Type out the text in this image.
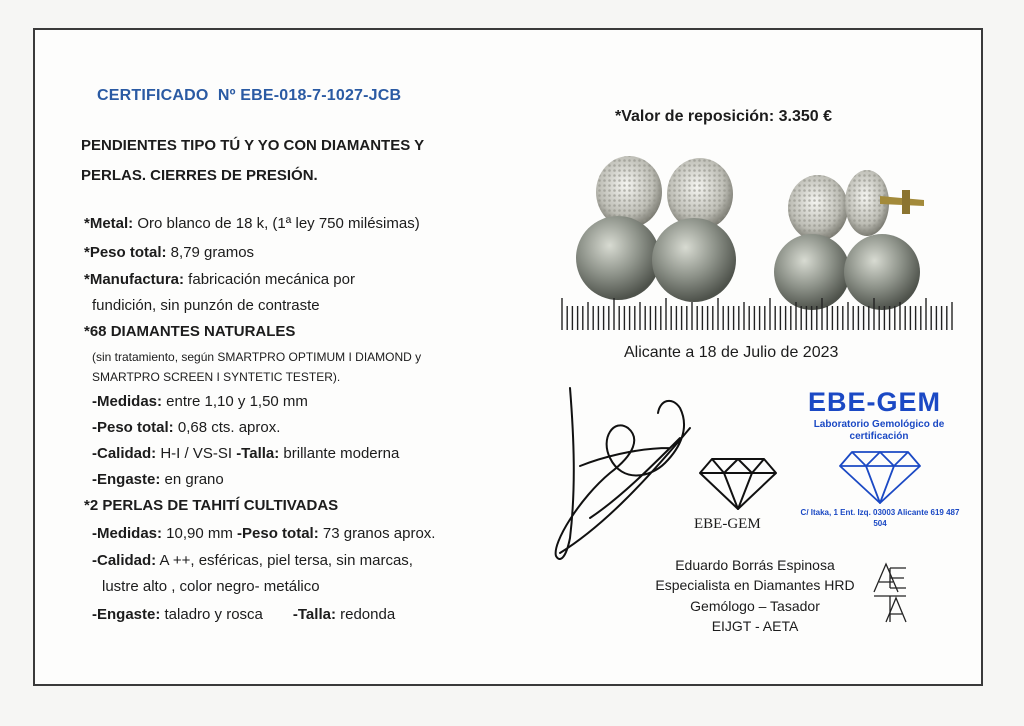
CERTIFICADO Nº EBE-018-7-1027-JCB
PENDIENTES TIPO TÚ Y YO CON DIAMANTES Y
PERLAS. CIERRES DE PRESIÓN.
*Metal: Oro blanco de 18 k, (1ª ley 750 milésimas)
*Peso total: 8,79 gramos
*Manufactura: fabricación mecánica por
fundición, sin punzón de contraste
*68 DIAMANTES NATURALES
(sin tratamiento, según SMARTPRO OPTIMUM I DIAMOND y
SMARTPRO SCREEN I SYNTETIC TESTER).
-Medidas: entre 1,10 y 1,50 mm
-Peso total: 0,68 cts. aprox.
-Calidad: H-I / VS-SI -Talla: brillante moderna
-Engaste: en grano
*2 PERLAS DE TAHITÍ CULTIVADAS
-Medidas: 10,90 mm -Peso total: 73 granos aprox.
-Calidad: A ++, esféricas, piel tersa, sin marcas,
lustre alto , color negro- metálico
-Engaste: taladro y rosca -Talla: redonda
*Valor de reposición: 3.350 €
Alicante a 18 de Julio de 2023
EBE-GEM
EBE-GEM
Laboratorio Gemológico de certificación
C/ Itaka, 1 Ent. Izq. 03003 Alicante 619 487 504
Eduardo Borrás Espinosa
Especialista en Diamantes HRD
Gemólogo – Tasador
EIJGT - AETA
